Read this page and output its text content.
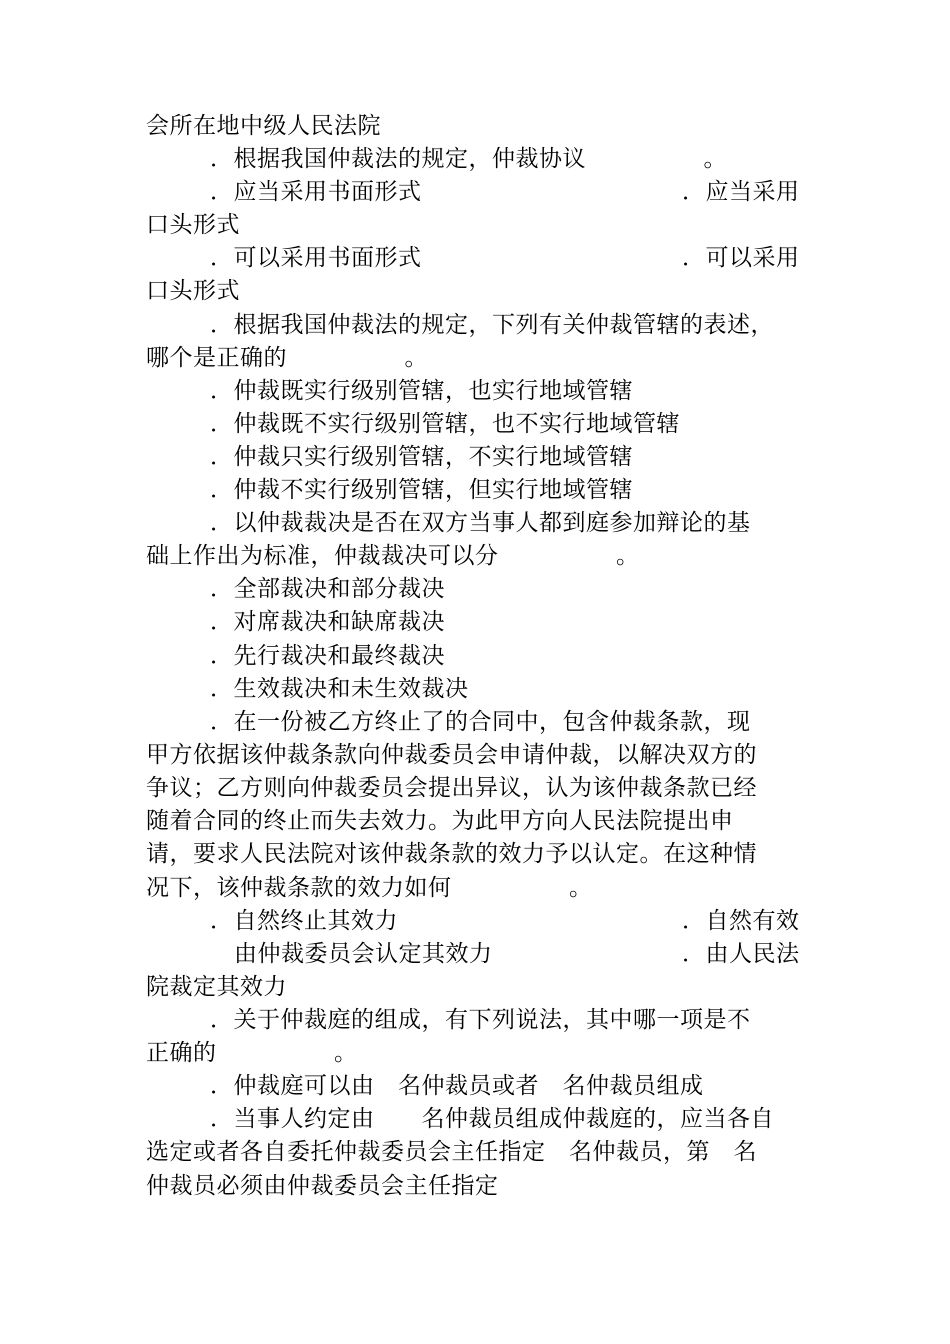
会所在地中级人民法院
．根据我国仲裁法的规定，仲裁协议　　　　　。
．应当采用书面形式	．应当采用
口头形式
．可以采用书面形式	．可以采用
口头形式
．根据我国仲裁法的规定，下列有关仲裁管辖的表述，
哪个是正确的　　　　　。
．仲裁既实行级别管辖，也实行地域管辖
．仲裁既不实行级别管辖，也不实行地域管辖
．仲裁只实行级别管辖，不实行地域管辖
．仲裁不实行级别管辖，但实行地域管辖
．以仲裁裁决是否在双方当事人都到庭参加辩论的基
础上作出为标准，仲裁裁决可以分　　　　　。
．全部裁决和部分裁决
．对席裁决和缺席裁决
．先行裁决和最终裁决
．生效裁决和未生效裁决
．在一份被乙方终止了的合同中，包含仲裁条款，现
甲方依据该仲裁条款向仲裁委员会申请仲裁，以解决双方的
争议；乙方则向仲裁委员会提出异议，认为该仲裁条款已经
随着合同的终止而失去效力。为此甲方向人民法院提出申
请，要求人民法院对该仲裁条款的效力予以认定。在这种情
况下，该仲裁条款的效力如何　　　　　。
．自然终止其效力	．自然有效
由仲裁委员会认定其效力	．由人民法
院裁定其效力
．关于仲裁庭的组成，有下列说法，其中哪一项是不
正确的　　　　　。
．仲裁庭可以由　名仲裁员或者　名仲裁员组成
．当事人约定由　　名仲裁员组成仲裁庭的，应当各自
选定或者各自委托仲裁委员会主任指定　名仲裁员，第　名
仲裁员必须由仲裁委员会主任指定
